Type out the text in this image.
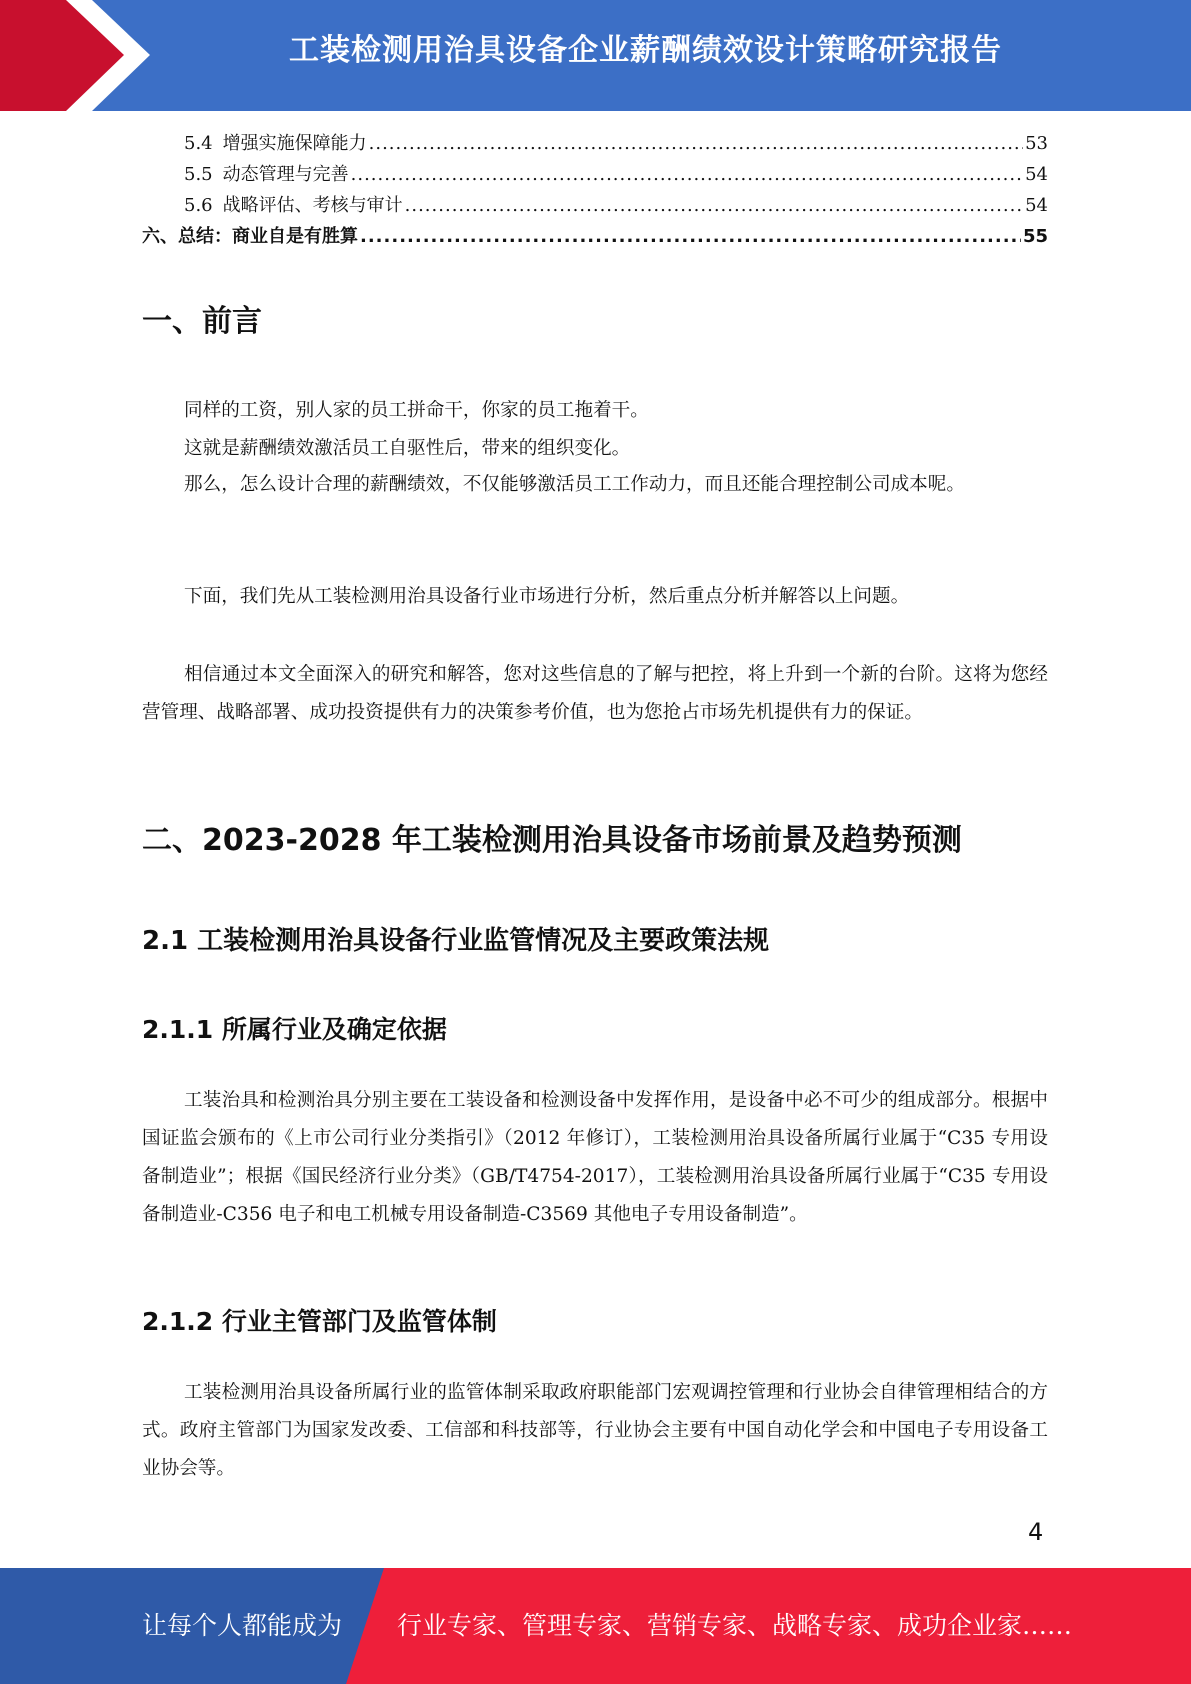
工装检测用治具设备企业薪酬绩效设计策略研究报告
5.4 增强实施保障能力 .....	53
5.5 动态管理与完善 .....	54
5.6 战略评估、考核与审计 .....	54
六、总结：商业自是有胜算 .....	55
一、前言

同样的工资，别人家的员工拼命干，你家的员工拖着干。

这就是薪酬绩效激活员工自驱性后，带来的组织变化。

那么，怎么设计合理的薪酬绩效，不仅能够激活员工工作动力，而且还能合理控制公司成本呢。

下面，我们先从工装检测用治具设备行业市场进行分析，然后重点分析并解答以上问题。

相信通过本文全面深入的研究和解答，您对这些信息的了解与把控，将上升到一个新的台阶。这将为您经营管理、战略部署、成功投资提供有力的决策参考价值，也为您抢占市场先机提供有力的保证。

二、2023-2028 年工装检测用治具设备市场前景及趋势预测
2.1 工装检测用治具设备行业监管情况及主要政策法规
2.1.1 所属行业及确定依据

工装治具和检测治具分别主要在工装设备和检测设备中发挥作用，是设备中必不可少的组成部分。根据中国证监会颁布的《上市公司行业分类指引》（2012 年修订），工装检测用治具设备所属行业属于“C35 专用设备制造业”；根据《国民经济行业分类》（GB/T4754-2017），工装检测用治具设备所属行业属于“C35 专用设备制造业-C356 电子和电工机械专用设备制造-C3569 其他电子专用设备制造”。

2.1.2 行业主管部门及监管体制

工装检测用治具设备所属行业的监管体制采取政府职能部门宏观调控管理和行业协会自律管理相结合的方式。政府主管部门为国家发改委、工信部和科技部等，行业协会主要有中国自动化学会和中国电子专用设备工业协会等。

4
让每个人都能成为 行业专家、管理专家、营销专家、战略专家、成功企业家……
